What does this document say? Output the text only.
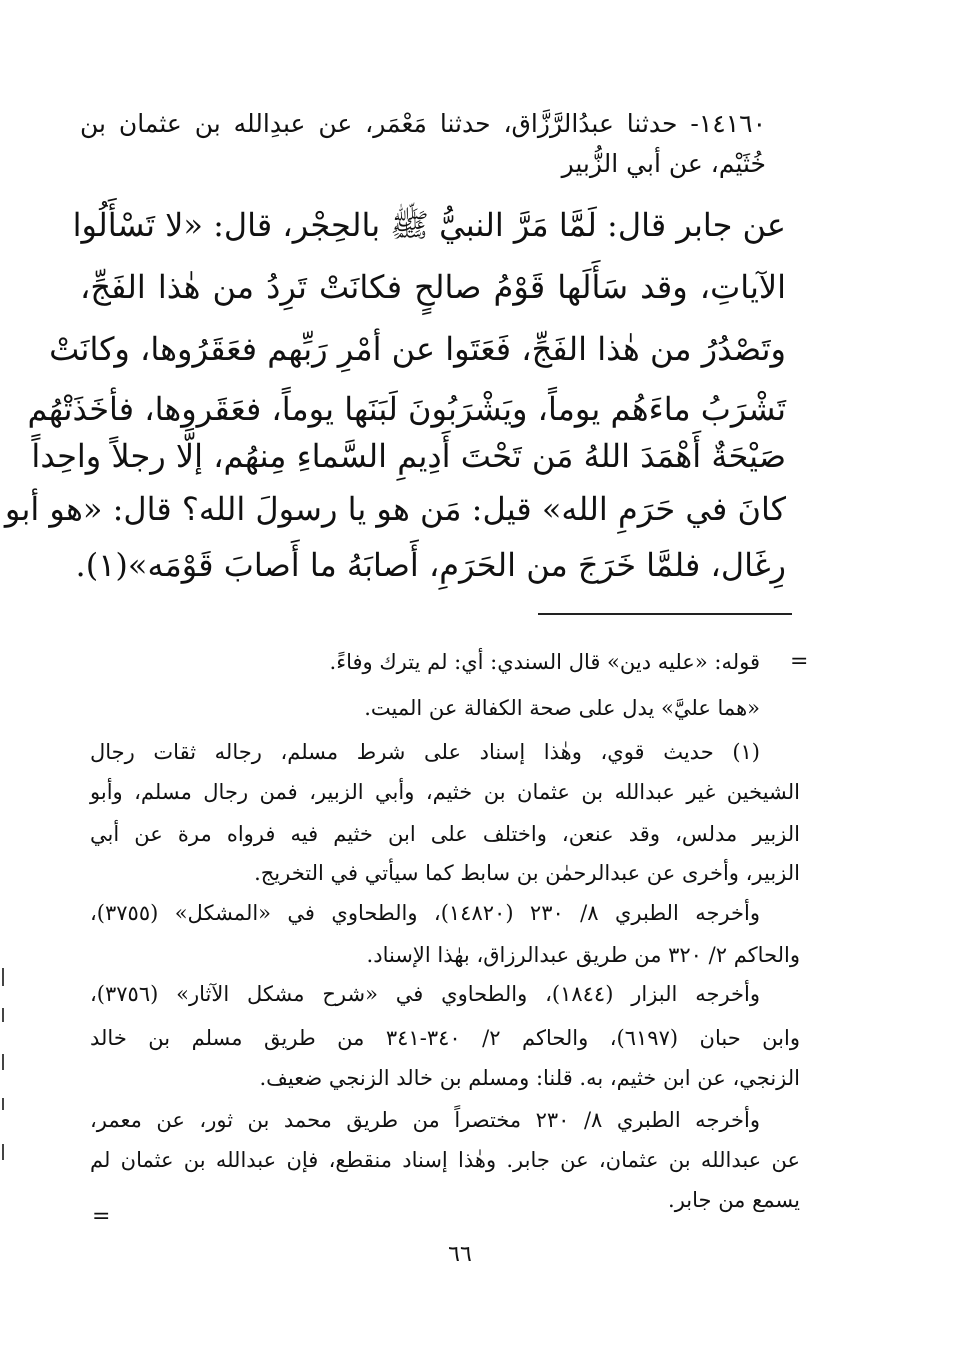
١٤١٦٠- حدثنا عبدُالرَّزَّاق، حدثنا مَعْمَر، عن عبدِالله بن عثمان بن
خُثَيْم، عن أبي الزُّبير
عن جابر قال: لَمَّا مَرَّ النبيُّ ﷺ بالحِجْر، قال: «لا تَسْأَلُوا
الآياتِ، وقد سَأَلَها قَوْمُ صالحٍ فكانَتْ تَرِدُ من هٰذا الفَجِّ،
وتَصْدُرُ من هٰذا الفَجِّ، فَعَتَوا عن أمْرِ رَبِّهم فعَقَرُوها، وكانَتْ
تَشْرَبُ ماءَهُم يوماً، ويَشْرَبُونَ لَبَنَها يوماً، فعَقَروها، فأخَذَتْهُم
صَيْحَةٌ أَهْمَدَ اللهُ مَن تَحْتَ أَدِيمِ السَّماءِ مِنهُم، إلَّا رجلاً واحِداً
كانَ في حَرَمِ الله» قيل: مَن هو يا رسولَ الله؟ قال: «هو أبو
رِغَال، فلمَّا خَرَجَ من الحَرَمِ، أَصابَهُ ما أَصابَ قَوْمَه»(١).
=
قوله: «عليه دين» قال السندي: أي: لم يترك وفاءً.
«هما عليَّ» يدل على صحة الكفالة عن الميت.
(١) حديث قوي، وهٰذا إسناد على شرط مسلم، رجاله ثقات رجال
الشيخين غير عبدالله بن عثمان بن خثيم، وأبي الزبير، فمن رجال مسلم، وأبو
الزبير مدلس، وقد عنعن، واختلف على ابن خثيم فيه فرواه مرة عن أبي
الزبير، وأخرى عن عبدالرحمٰن بن سابط كما سيأتي في التخريج.
وأخرجه الطبري ٨/ ٢٣٠ (١٤٨٢٠)، والطحاوي في «المشكل» (٣٧٥٥)،
والحاكم ٢/ ٣٢٠ من طريق عبدالرزاق، بهٰذا الإسناد.
وأخرجه البزار (١٨٤٤)، والطحاوي في «شرح مشكل الآثار» (٣٧٥٦)،
وابن حبان (٦١٩٧)، والحاكم ٢/ ٣٤٠-٣٤١ من طريق مسلم بن خالد
الزنجي، عن ابن خثيم، به. قلنا: ومسلم بن خالد الزنجي ضعيف.
وأخرجه الطبري ٨/ ٢٣٠ مختصراً من طريق محمد بن ثور، عن معمر،
عن عبدالله بن عثمان، عن جابر. وهٰذا إسناد منقطع، فإن عبدالله بن عثمان لم
يسمع من جابر.
=
٦٦
